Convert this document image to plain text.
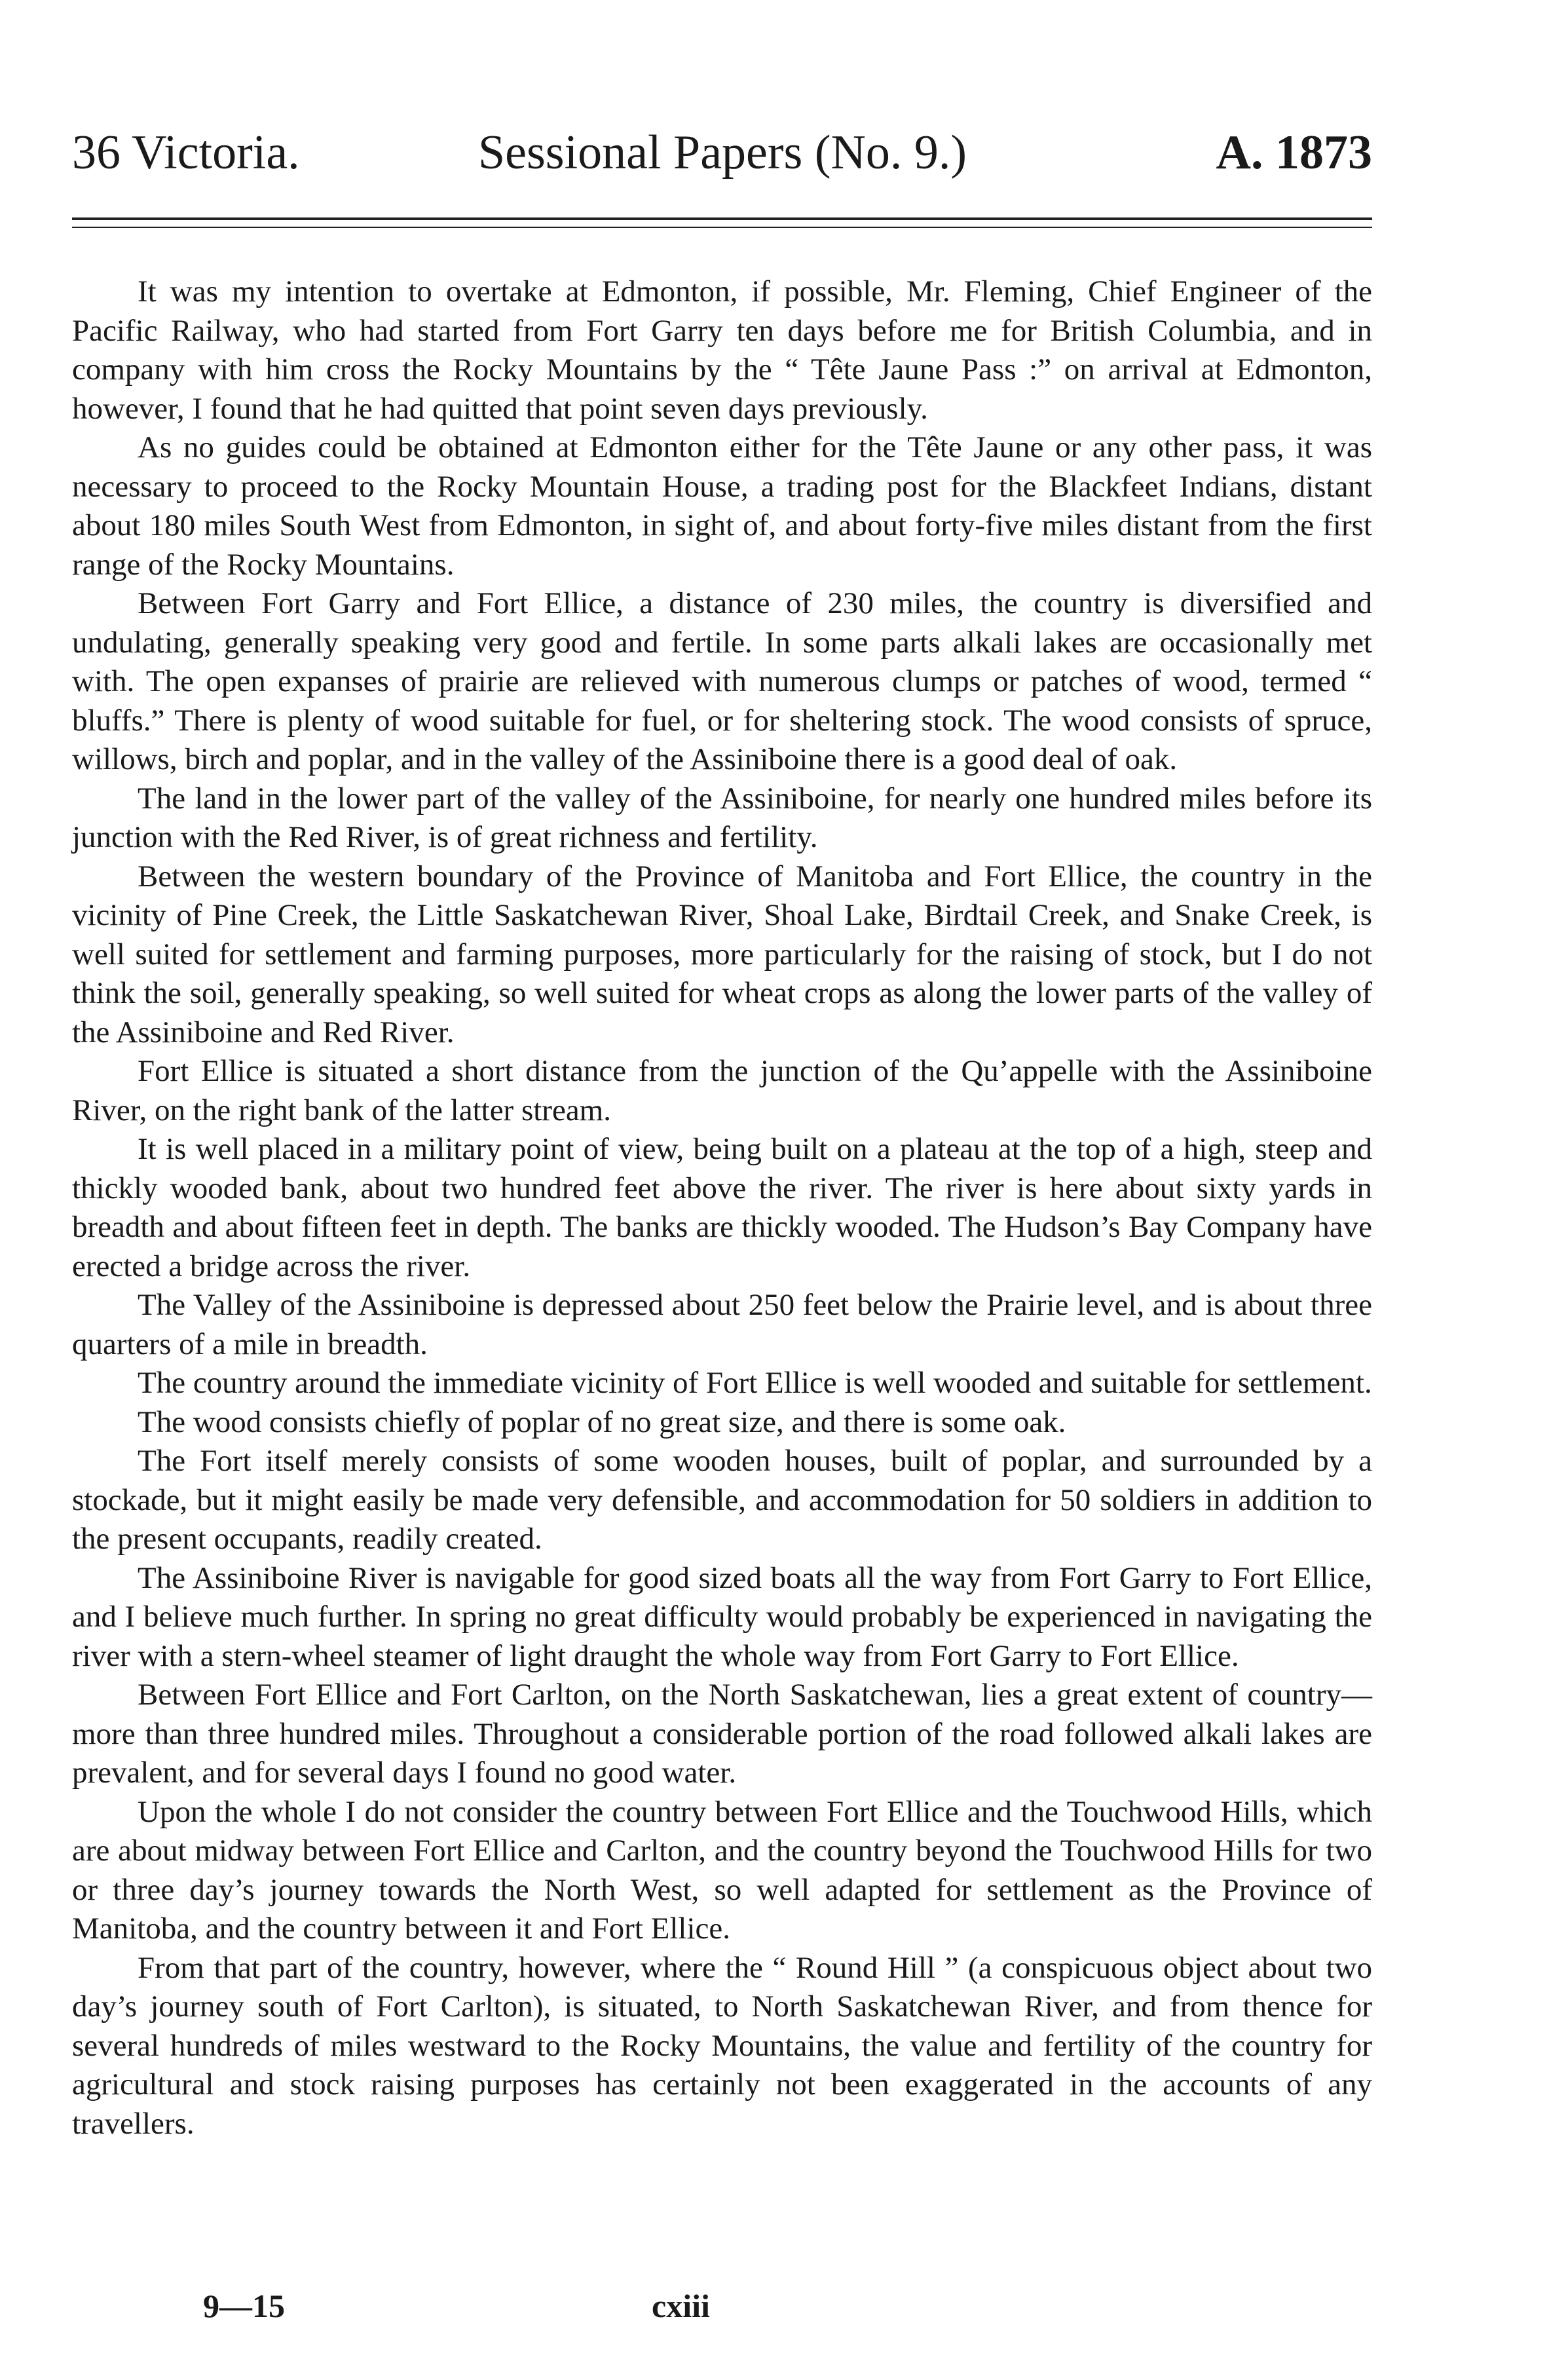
36 Victoria.	Sessional Papers (No. 9.)	A. 1873

It was my intention to overtake at Edmonton, if possible, Mr. Fleming, Chief Engineer of the Pacific Railway, who had started from Fort Garry ten days before me for British Columbia, and in company with him cross the Rocky Mountains by the “ Tête Jaune Pass :” on arrival at Edmonton, however, I found that he had quitted that point seven days previously.

As no guides could be obtained at Edmonton either for the Tête Jaune or any other pass, it was necessary to proceed to the Rocky Mountain House, a trading post for the Blackfeet Indians, distant about 180 miles South West from Edmonton, in sight of, and about forty-five miles distant from the first range of the Rocky Mountains.

Between Fort Garry and Fort Ellice, a distance of 230 miles, the country is diversified and undulating, generally speaking very good and fertile. In some parts alkali lakes are occasionally met with. The open expanses of prairie are relieved with numerous clumps or patches of wood, termed “ bluffs.” There is plenty of wood suitable for fuel, or for sheltering stock. The wood consists of spruce, willows, birch and poplar, and in the valley of the Assiniboine there is a good deal of oak.

The land in the lower part of the valley of the Assiniboine, for nearly one hundred miles before its junction with the Red River, is of great richness and fertility.

Between the western boundary of the Province of Manitoba and Fort Ellice, the country in the vicinity of Pine Creek, the Little Saskatchewan River, Shoal Lake, Birdtail Creek, and Snake Creek, is well suited for settlement and farming purposes, more particularly for the raising of stock, but I do not think the soil, generally speaking, so well suited for wheat crops as along the lower parts of the valley of the Assiniboine and Red River.

Fort Ellice is situated a short distance from the junction of the Qu’appelle with the Assiniboine River, on the right bank of the latter stream.

It is well placed in a military point of view, being built on a plateau at the top of a high, steep and thickly wooded bank, about two hundred feet above the river. The river is here about sixty yards in breadth and about fifteen feet in depth. The banks are thickly wooded. The Hudson’s Bay Company have erected a bridge across the river.

The Valley of the Assiniboine is depressed about 250 feet below the Prairie level, and is about three quarters of a mile in breadth.

The country around the immediate vicinity of Fort Ellice is well wooded and suitable for settlement.

The wood consists chiefly of poplar of no great size, and there is some oak.

The Fort itself merely consists of some wooden houses, built of poplar, and surrounded by a stockade, but it might easily be made very defensible, and accommodation for 50 soldiers in addition to the present occupants, readily created.

The Assiniboine River is navigable for good sized boats all the way from Fort Garry to Fort Ellice, and I believe much further. In spring no great difficulty would probably be experienced in navigating the river with a stern-wheel steamer of light draught the whole way from Fort Garry to Fort Ellice.

Between Fort Ellice and Fort Carlton, on the North Saskatchewan, lies a great extent of country—more than three hundred miles. Throughout a considerable portion of the road followed alkali lakes are prevalent, and for several days I found no good water.

Upon the whole I do not consider the country between Fort Ellice and the Touchwood Hills, which are about midway between Fort Ellice and Carlton, and the country beyond the Touchwood Hills for two or three day’s journey towards the North West, so well adapted for settlement as the Province of Manitoba, and the country between it and Fort Ellice.

From that part of the country, however, where the “ Round Hill ” (a conspicuous object about two day’s journey south of Fort Carlton), is situated, to North Saskatchewan River, and from thence for several hundreds of miles westward to the Rocky Mountains, the value and fertility of the country for agricultural and stock raising purposes has certainly not been exaggerated in the accounts of any travellers.

9—15	cxiii
